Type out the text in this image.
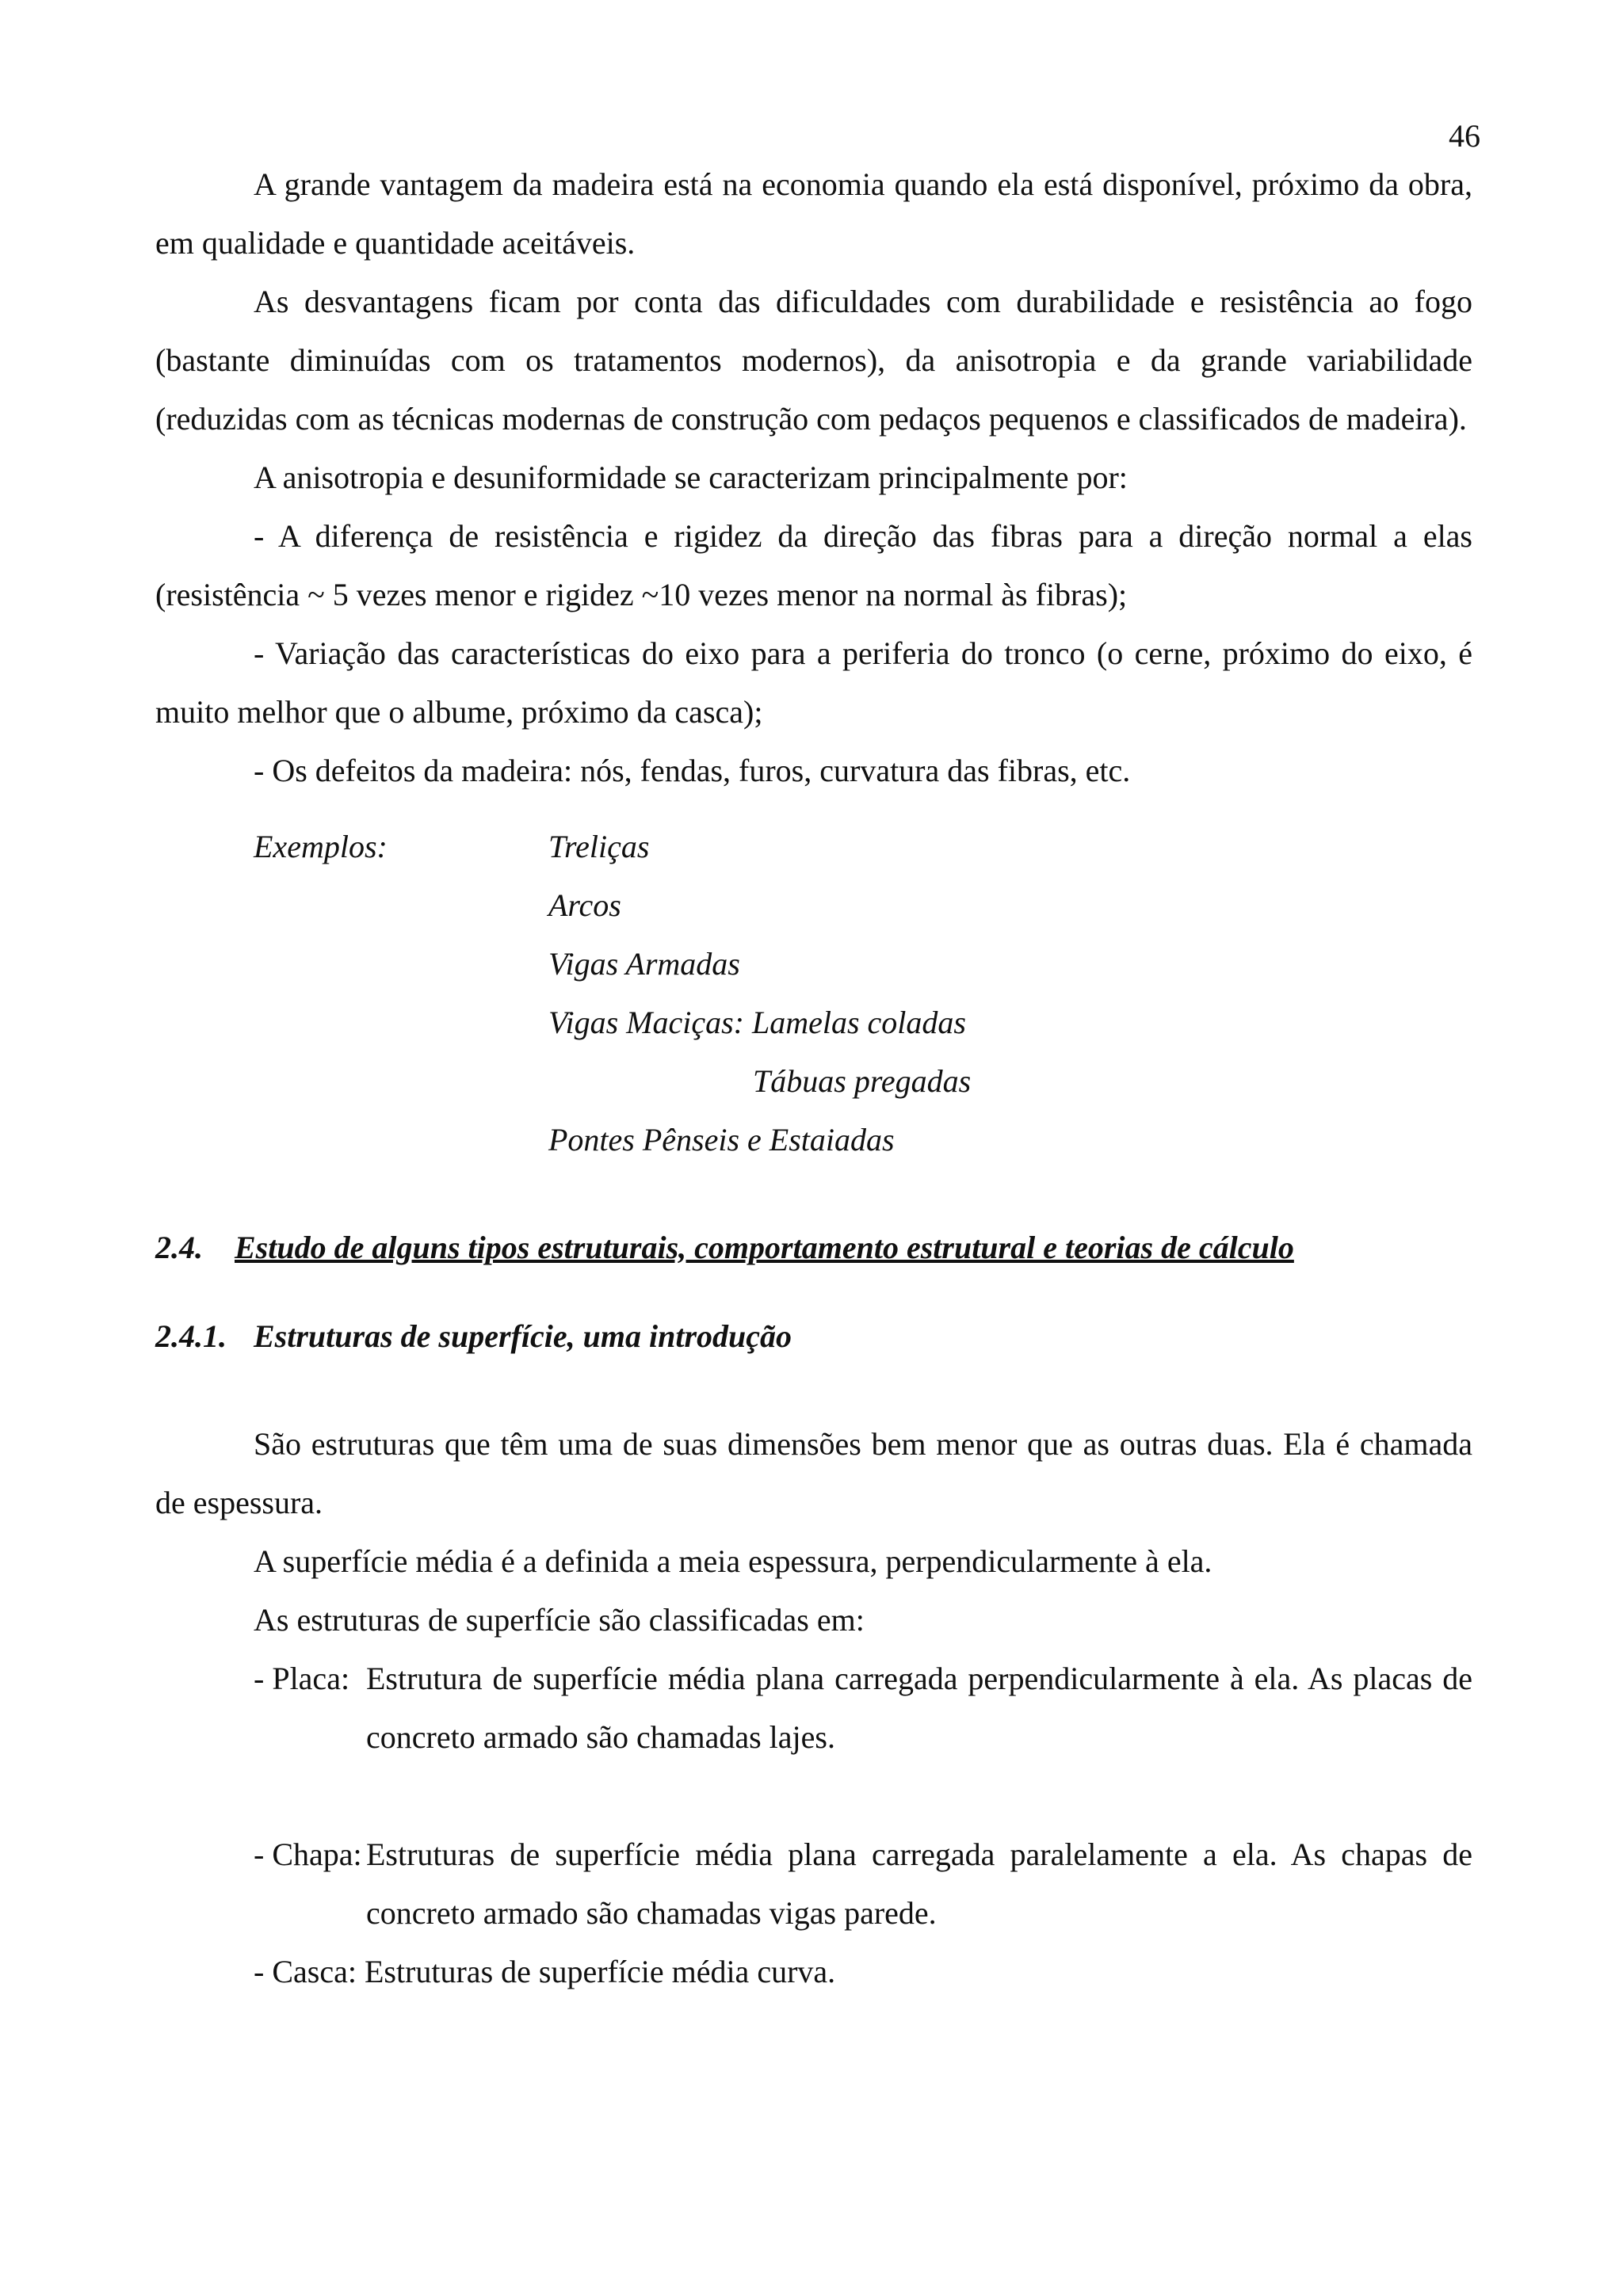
46

A grande vantagem da madeira está na economia quando ela está disponível, próximo da obra, em qualidade e quantidade aceitáveis.

As desvantagens ficam por conta das dificuldades com durabilidade e resistência ao fogo (bastante diminuídas com os tratamentos modernos), da anisotropia e da grande variabilidade (reduzidas com as técnicas modernas de construção com pedaços pequenos e classificados de madeira).

A anisotropia e desuniformidade se caracterizam principalmente por:

- A diferença de resistência e rigidez da direção das fibras para a direção normal a elas (resistência ~ 5 vezes menor e rigidez ~10 vezes menor na normal às fibras);

- Variação das características do eixo para a periferia do tronco (o cerne, próximo do eixo, é muito melhor que o albume, próximo da casca);

- Os defeitos da madeira: nós, fendas, furos, curvatura das fibras, etc.

Exemplos:	Treliças
Arcos
Vigas Armadas
Vigas Maciças: Lamelas coladas
Tábuas pregadas
Pontes Pênseis e Estaiadas
2.4.	Estudo de alguns tipos estruturais, comportamento estrutural e teorias de cálculo
2.4.1. Estruturas de superfície, uma introdução

São estruturas que têm uma de suas dimensões bem menor que as outras duas. Ela é chamada de espessura.

A superfície média é a definida a meia espessura, perpendicularmente à ela.

As estruturas de superfície são classificadas em:

- Placa: Estrutura de superfície média plana carregada perpendicularmente à ela. As placas de concreto armado são chamadas lajes.

- Chapa: Estruturas de superfície média plana carregada paralelamente a ela. As chapas de concreto armado são chamadas vigas parede.

- Casca: Estruturas de superfície média curva.
